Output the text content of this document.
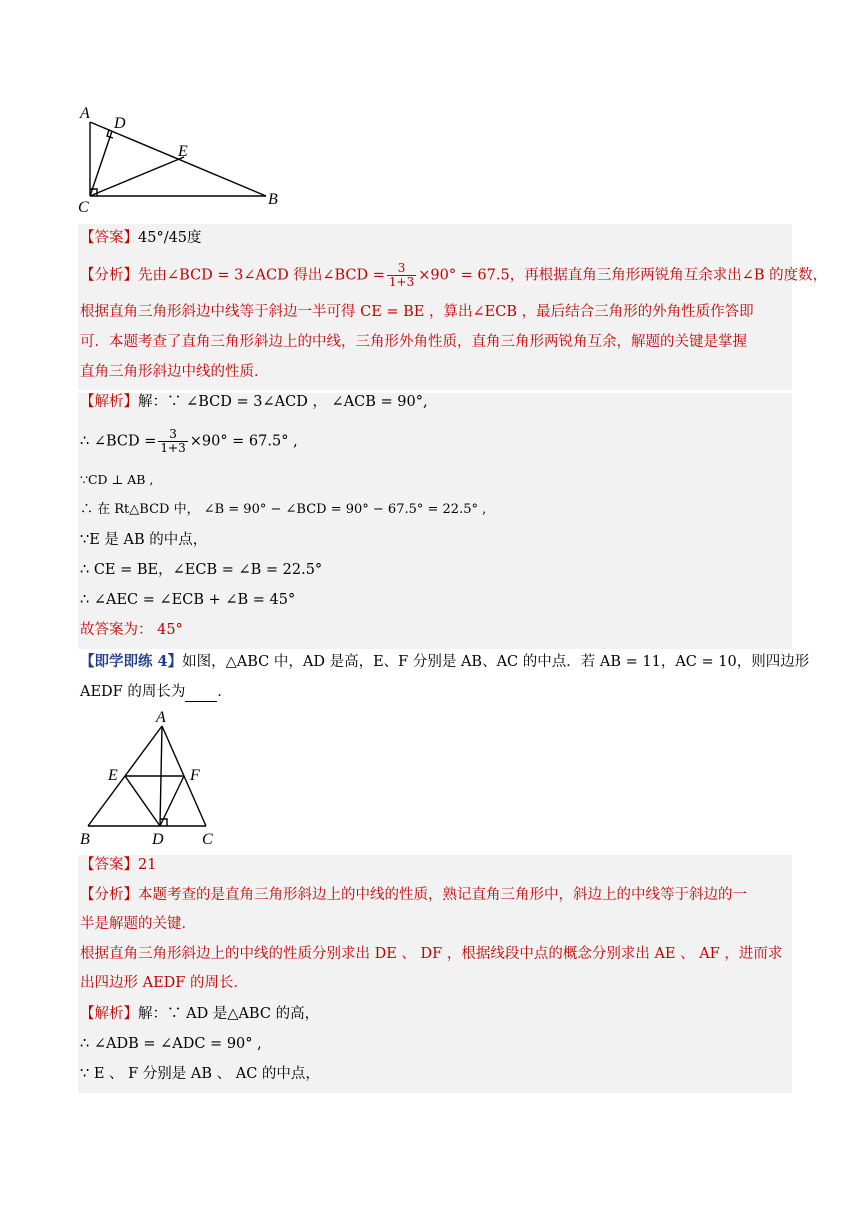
A
D
E
C	B
【答案】45°/45度
【分析】先由∠BCD = 3∠ACD 得出∠BCD = $\frac{3}{1+3} \times 90^\circ = 67.5$，再根据直角三角形两锐角互余求出∠B 的度数，
根据直角三角形斜边中线等于斜边一半可得 CE = BE ，算出∠ECB ，最后结合三角形的外角性质作答即
可．本题考查了直角三角形斜边上的中线，三角形外角性质，直角三角形两锐角互余，解题的关键是掌握
直角三角形斜边中线的性质．
【解析】解：∵ ∠BCD = 3∠ACD ， ∠ACB = 90°,
∴ ∠BCD = $\frac{3}{1+3} \times 90^\circ = 67.5^\circ$ ,
∵CD ⊥ AB ,
∴ 在 Rt△BCD 中， ∠B = 90° − ∠BCD = 90° − 67.5° = 22.5° ,
∵E 是 AB 的中点，
∴ CE = BE，∠ECB = ∠B = 22.5°
∴ ∠AEC = ∠ECB + ∠B = 45°
故答案为： 45°
【即学即练 4】如图，△ABC 中，AD 是高，E、F 分别是 AB、AC 的中点．若 AB = 11，AC = 10，则四边形
AEDF 的周长为 ．
A
E	F
B	D C
【答案】21
【分析】本题考查的是直角三角形斜边上的中线的性质，熟记直角三角形中，斜边上的中线等于斜边的一
半是解题的关键．
根据直角三角形斜边上的中线的性质分别求出 DE 、 DF ，根据线段中点的概念分别求出 AE 、 AF ，进而求
出四边形 AEDF 的周长．
【解析】解：∵ AD 是△ABC 的高，
∴ ∠ADB = ∠ADC = 90° ,
∵ E 、 F 分别是 AB 、 AC 的中点，
